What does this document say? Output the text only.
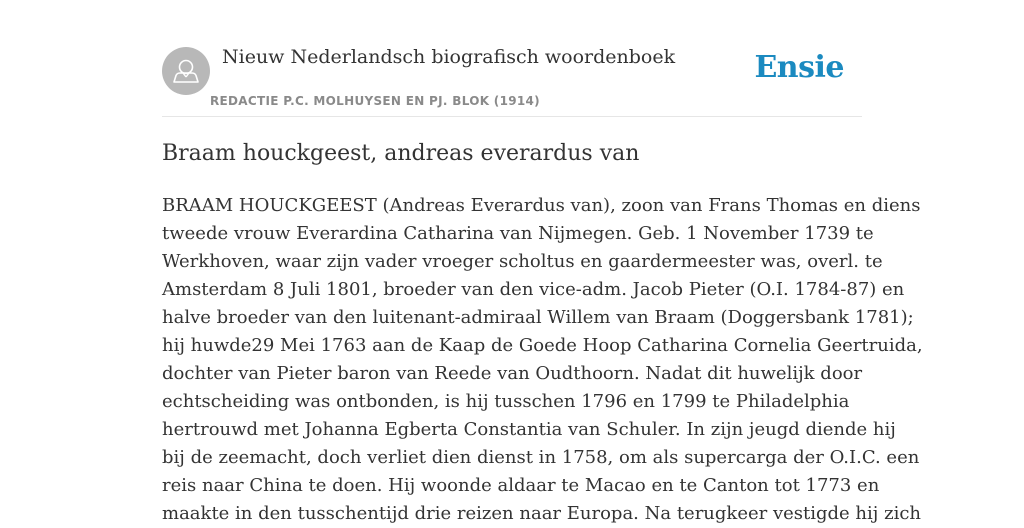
Nieuw Nederlandsch biografisch woordenboek
REDACTIE P.C. MOLHUYSEN EN PJ. BLOK (1914)
Ensie
Braam houckgeest, andreas everardus van
BRAAM HOUCKGEEST (Andreas Everardus van), zoon van Frans Thomas en diens
tweede vrouw Everardina Catharina van Nijmegen. Geb. 1 November 1739 te
Werkhoven, waar zijn vader vroeger scholtus en gaardermeester was, overl. te
Amsterdam 8 Juli 1801, broeder van den vice-adm. Jacob Pieter (O.I. 1784-87) en
halve broeder van den luitenant-admiraal Willem van Braam (Doggersbank 1781);
hij huwde29 Mei 1763 aan de Kaap de Goede Hoop Catharina Cornelia Geertruida,
dochter van Pieter baron van Reede van Oudthoorn. Nadat dit huwelijk door
echtscheiding was ontbonden, is hij tusschen 1796 en 1799 te Philadelphia
hertrouwd met Johanna Egberta Constantia van Schuler. In zijn jeugd diende hij
bij de zeemacht, doch verliet dien dienst in 1758, om als supercarga der O.I.C. een
reis naar China te doen. Hij woonde aldaar te Macao en te Canton tot 1773 en
maakte in den tusschentijd drie reizen naar Europa. Na terugkeer vestigde hij zich
